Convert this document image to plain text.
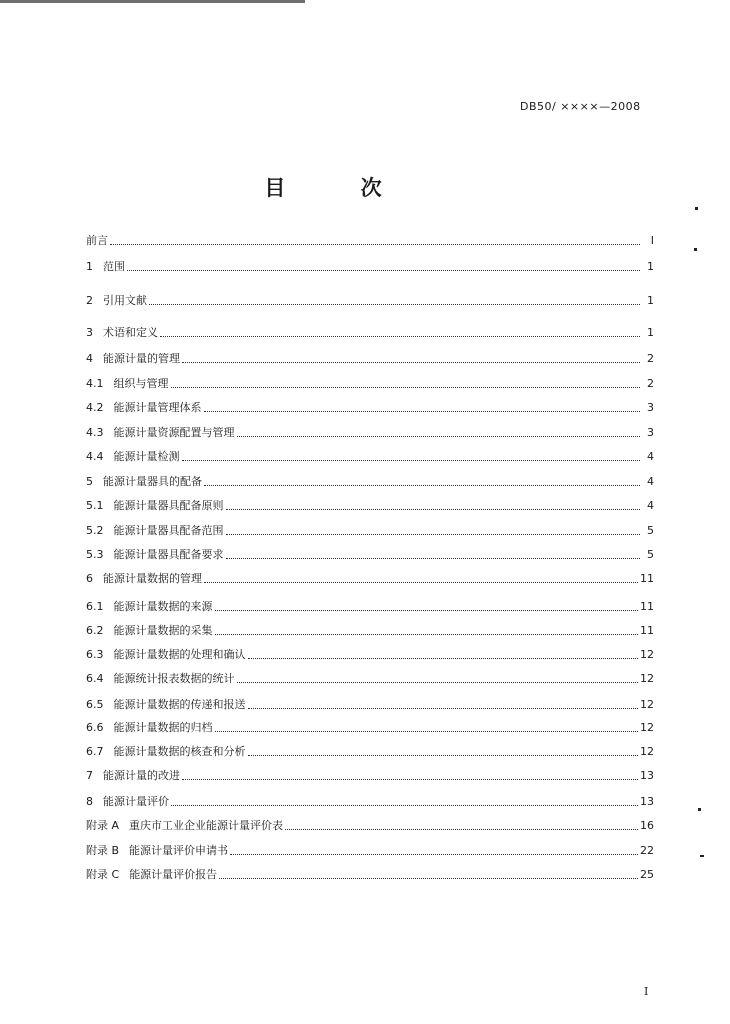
DB50/ ××××—2008
目 次
前言	I
1 范围	1
2 引用文献	1
3 术语和定义	1
4 能源计量的管理	2
4.1 组织与管理	2
4.2 能源计量管理体系	3
4.3 能源计量资源配置与管理	3
4.4 能源计量检测	4
5 能源计量器具的配备	4
5.1 能源计量器具配备原则	4
5.2 能源计量器具配备范围	5
5.3 能源计量器具配备要求	5
6 能源计量数据的管理	11
6.1 能源计量数据的来源	11
6.2 能源计量数据的采集	11
6.3 能源计量数据的处理和确认	12
6.4 能源统计报表数据的统计	12
6.5 能源计量数据的传递和报送	12
6.6 能源计量数据的归档	12
6.7 能源计量数据的核查和分析	12
7 能源计量的改进	13
8 能源计量评价	13
附录 A 重庆市工业企业能源计量评价表	16
附录 B 能源计量评价申请书	22
附录 C 能源计量评价报告	25
I
